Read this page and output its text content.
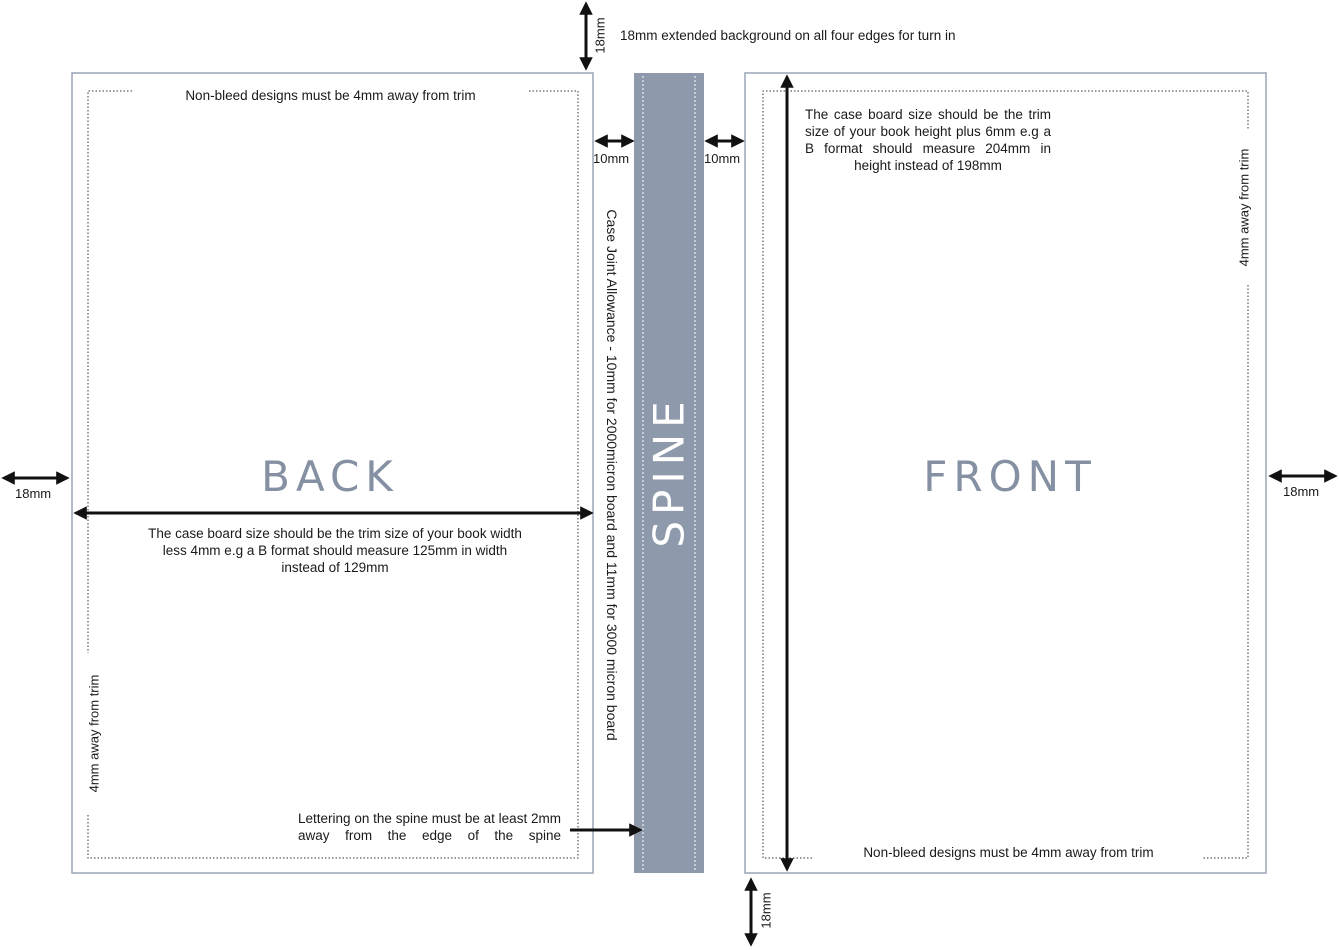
18mm 18mm extended background on all four edges for turn in
18mm	18mm
18mm
10mm	10mm
Non-bleed designs must be 4mm away from trim
BACK
The case board size should be the trim size of your book width less 4mm e.g a B format should measure 125mm in width instead of 129mm
4mm away from trim
Lettering on the spine must be at least 2mm away from the edge of the spine
Case Joint Allowance - 10mm for 2000micron board and 11mm for 3000 micron board SPINE
The case board size should be the trim size of your book height plus 6mm e.g a B format should measure 204mm in height instead of 198mm
FRONT
4mm away from trim
Non-bleed designs must be 4mm away from trim
